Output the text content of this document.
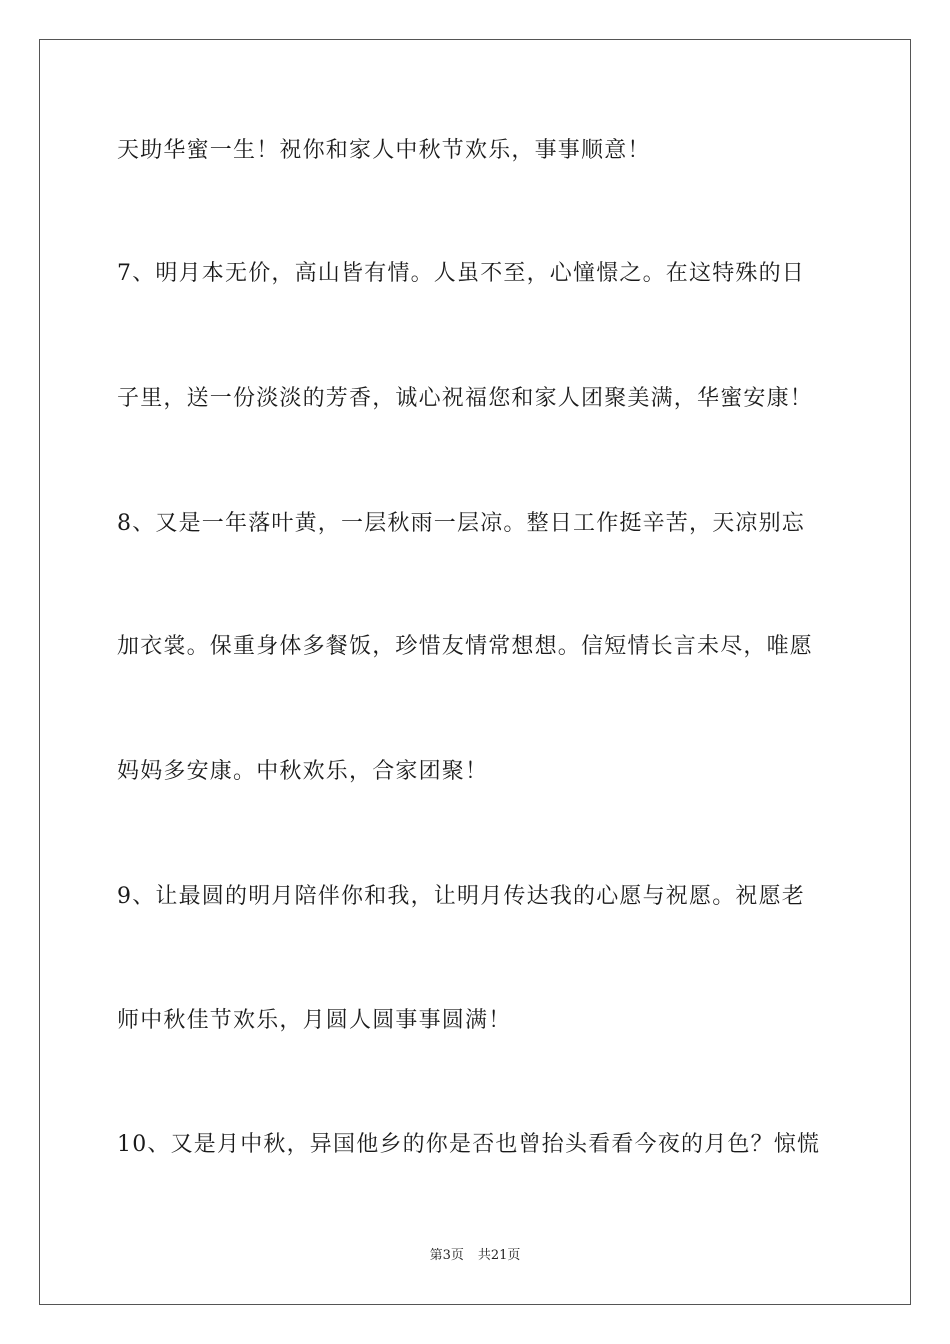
天助华蜜一生！祝你和家人中秋节欢乐，事事顺意！
7、明月本无价，高山皆有情。人虽不至，心憧憬之。在这特殊的日
子里，送一份淡淡的芳香，诚心祝福您和家人团聚美满，华蜜安康！
8、又是一年落叶黄，一层秋雨一层凉。整日工作挺辛苦，天凉别忘
加衣裳。保重身体多餐饭，珍惜友情常想想。信短情长言未尽，唯愿
妈妈多安康。中秋欢乐，合家团聚！
9、让最圆的明月陪伴你和我，让明月传达我的心愿与祝愿。祝愿老
师中秋佳节欢乐，月圆人圆事事圆满！
10、又是月中秋，异国他乡的你是否也曾抬头看看今夜的月色？惊慌
第3页 共21页
